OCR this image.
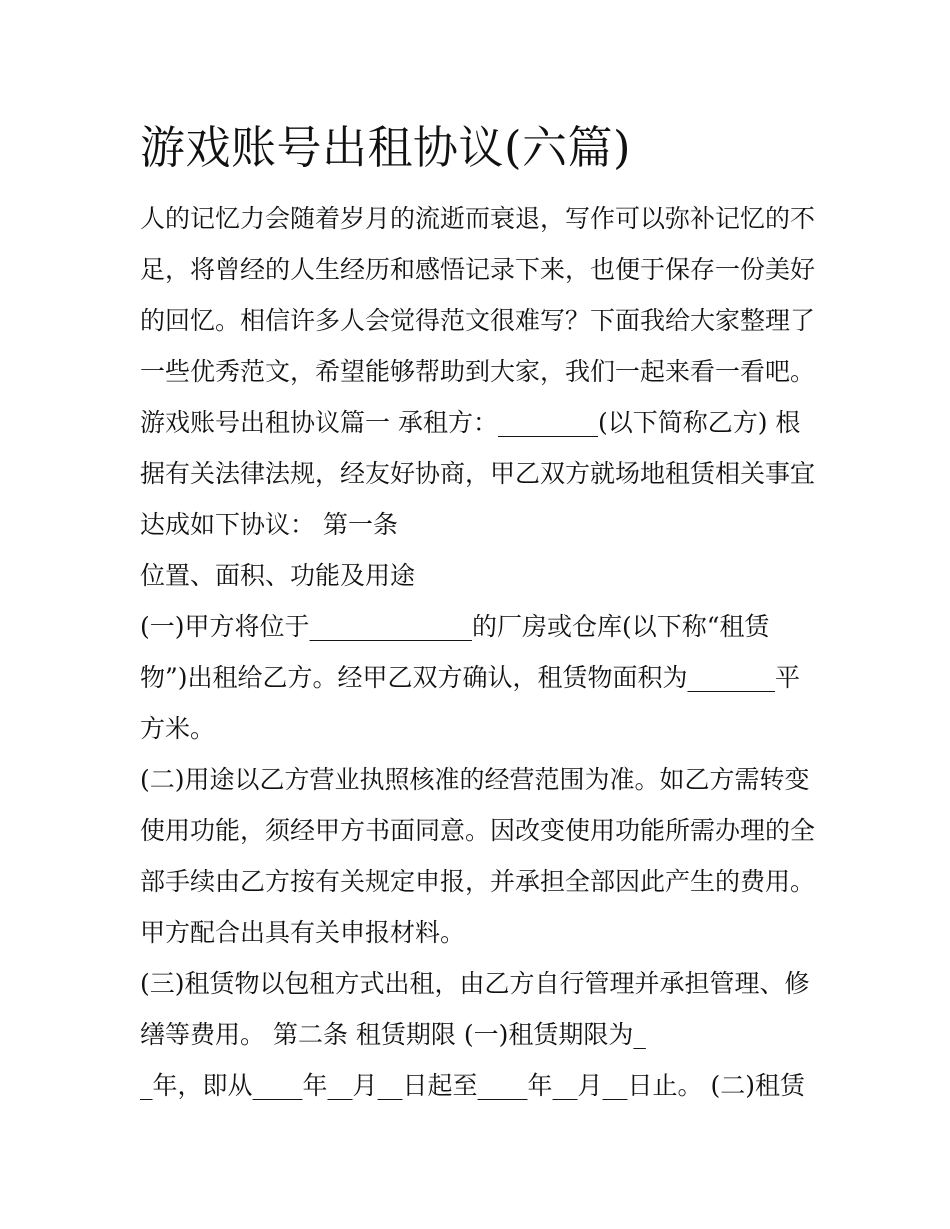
游戏账号出租协议(六篇)
人的记忆力会随着岁月的流逝而衰退，写作可以弥补记忆的不
足，将曾经的人生经历和感悟记录下来，也便于保存一份美好
的回忆。相信许多人会觉得范文很难写？下面我给大家整理了
一些优秀范文，希望能够帮助到大家，我们一起来看一看吧。
游戏账号出租协议篇一 承租方：________(以下简称乙方) 根
据有关法律法规，经友好协商，甲乙双方就场地租赁相关事宜
达成如下协议： 第一条
位置、面积、功能及用途
(一)甲方将位于_____________的厂房或仓库(以下称“租赁
物”)出租给乙方。经甲乙双方确认，租赁物面积为_______平
方米。
(二)用途以乙方营业执照核准的经营范围为准。如乙方需转变
使用功能，须经甲方书面同意。因改变使用功能所需办理的全
部手续由乙方按有关规定申报，并承担全部因此产生的费用。
甲方配合出具有关申报材料。
(三)租赁物以包租方式出租，由乙方自行管理并承担管理、修
缮等费用。 第二条 租赁期限 (一)租赁期限为_
_年，即从____年__月__日起至____年__月__日止。 (二)租赁
